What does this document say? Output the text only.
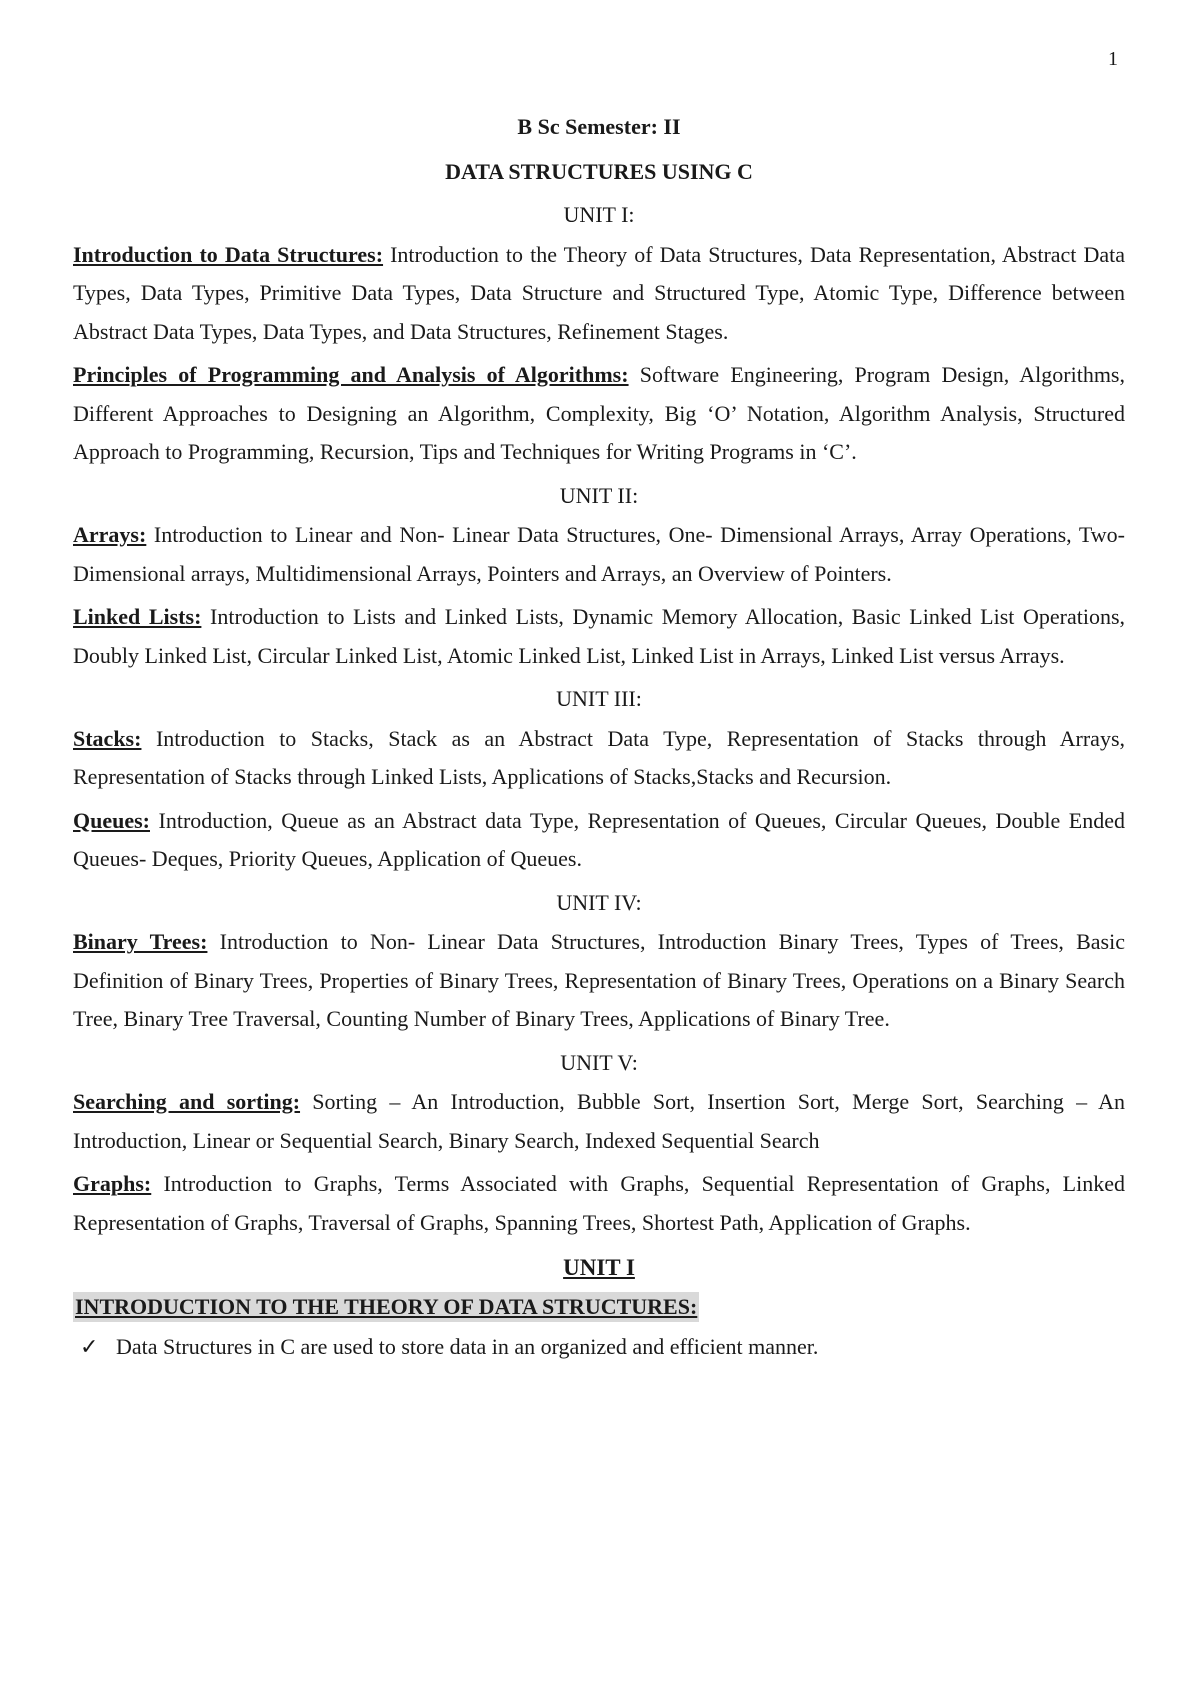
1

B Sc Semester: II

DATA STRUCTURES USING C

UNIT I:

Introduction to Data Structures: Introduction to the Theory of Data Structures, Data Representation, Abstract Data Types, Data Types, Primitive Data Types, Data Structure and Structured Type, Atomic Type, Difference between Abstract Data Types, Data Types, and Data Structures, Refinement Stages.

Principles of Programming and Analysis of Algorithms: Software Engineering, Program Design, Algorithms, Different Approaches to Designing an Algorithm, Complexity, Big ‘O’ Notation, Algorithm Analysis, Structured Approach to Programming, Recursion, Tips and Techniques for Writing Programs in ‘C’.

UNIT II:

Arrays: Introduction to Linear and Non- Linear Data Structures, One- Dimensional Arrays, Array Operations, Two- Dimensional arrays, Multidimensional Arrays, Pointers and Arrays, an Overview of Pointers.

Linked Lists: Introduction to Lists and Linked Lists, Dynamic Memory Allocation, Basic Linked List Operations, Doubly Linked List, Circular Linked List, Atomic Linked List, Linked List in Arrays, Linked List versus Arrays.

UNIT III:

Stacks: Introduction to Stacks, Stack as an Abstract Data Type, Representation of Stacks through Arrays, Representation of Stacks through Linked Lists, Applications of Stacks,Stacks and Recursion.

Queues: Introduction, Queue as an Abstract data Type, Representation of Queues, Circular Queues, Double Ended Queues- Deques, Priority Queues, Application of Queues.

UNIT IV:

Binary Trees: Introduction to Non- Linear Data Structures, Introduction Binary Trees, Types of Trees, Basic Definition of Binary Trees, Properties of Binary Trees, Representation of Binary Trees, Operations on a Binary Search Tree, Binary Tree Traversal, Counting Number of Binary Trees, Applications of Binary Tree.

UNIT V:

Searching and sorting: Sorting – An Introduction, Bubble Sort, Insertion Sort, Merge Sort, Searching – An Introduction, Linear or Sequential Search, Binary Search, Indexed Sequential Search

Graphs: Introduction to Graphs, Terms Associated with Graphs, Sequential Representation of Graphs, Linked Representation of Graphs, Traversal of Graphs, Spanning Trees, Shortest Path, Application of Graphs.

UNIT I

INTRODUCTION TO THE THEORY OF DATA STRUCTURES:
✓ Data Structures in C are used to store data in an organized and efficient manner.
